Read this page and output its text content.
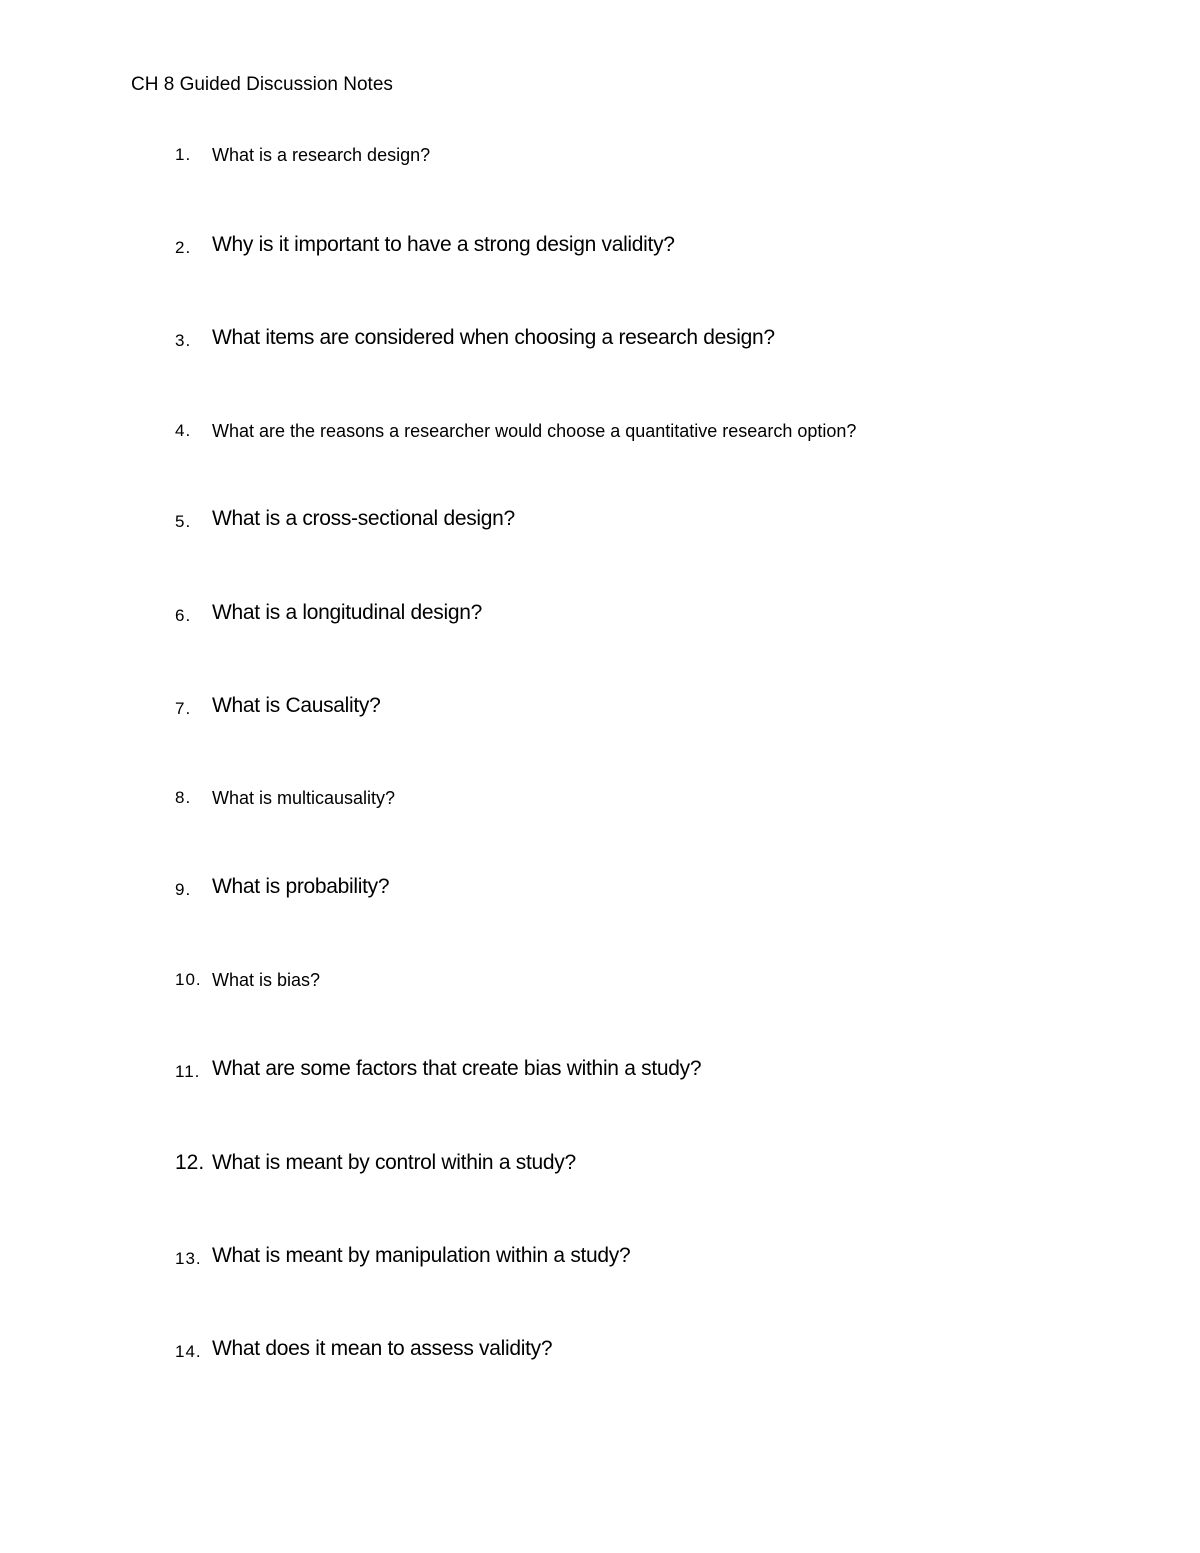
CH 8 Guided Discussion Notes
1. What is a research design?
2. Why is it important to have a strong design validity?
3. What items are considered when choosing a research design?
4. What are the reasons a researcher would choose a quantitative research option?
5. What is a cross-sectional design?
6. What is a longitudinal design?
7. What is Causality?
8. What is multicausality?
9. What is probability?
10. What is bias?
11. What are some factors that create bias within a study?
12. What is meant by control within a study?
13. What is meant by manipulation within a study?
14. What does it mean to assess validity?
